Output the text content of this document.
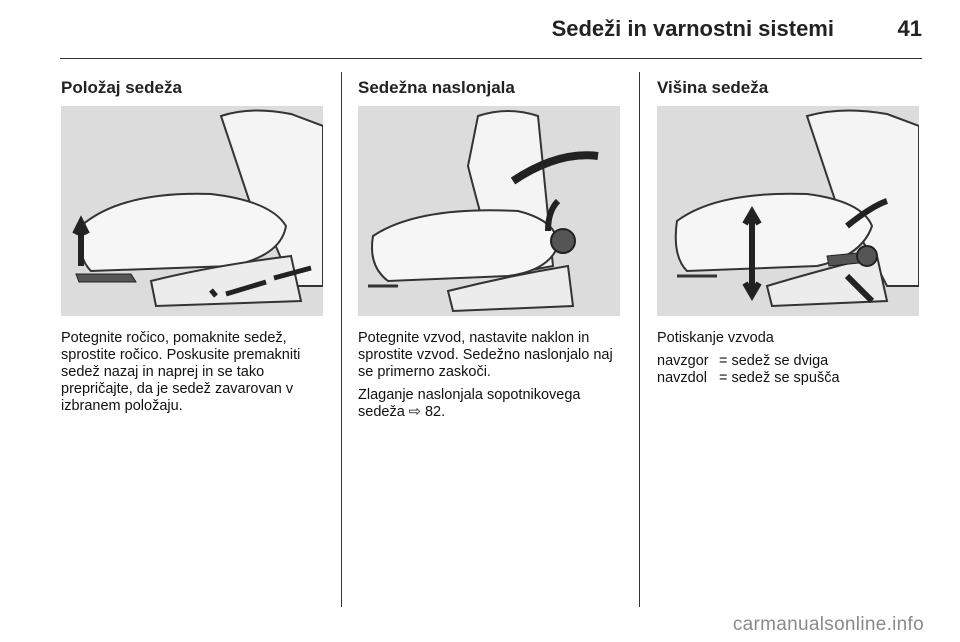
Sedeži in varnostni sistemi	41
Položaj sedeža

Potegnite ročico, pomaknite sedež, sprostite ročico. Poskusite premakniti sedež nazaj in naprej in se tako prepričajte, da je sedež zavarovan v izbranem položaju.

Sedežna naslonjala

Potegnite vzvod, nastavite naklon in sprostite vzvod. Sedežno naslonjalo naj se primerno zaskoči.

Zlaganje naslonjala sopotnikovega sedeža ⇨ 82.

Višina sedeža

Potiskanje vzvoda

navzgor = sedež se dviga
navzdol = sedež se spušča
carmanualsonline.info
